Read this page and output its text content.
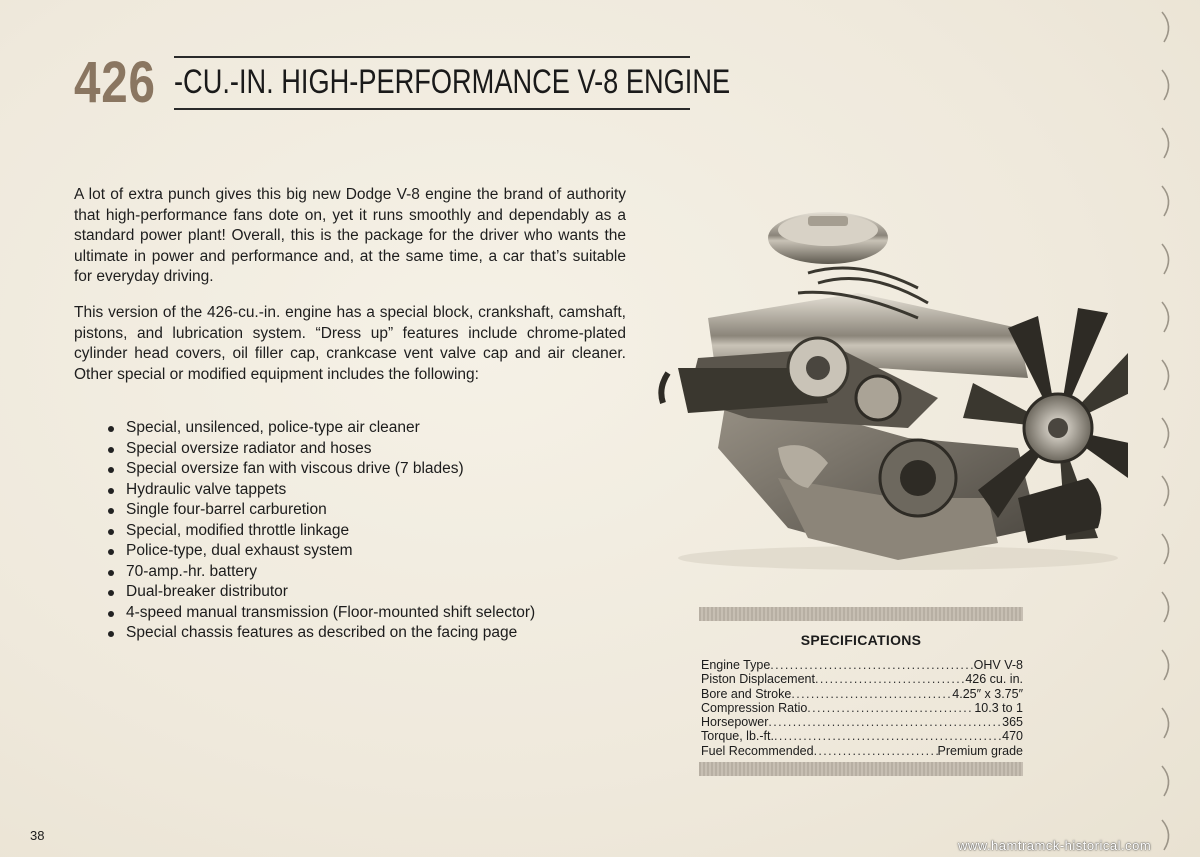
426 -CU.-IN. HIGH-PERFORMANCE V-8 ENGINE
A lot of extra punch gives this big new Dodge V-8 engine the brand of authority that high-performance fans dote on, yet it runs smoothly and dependably as a standard power plant! Overall, this is the package for the driver who wants the ultimate in power and performance and, at the same time, a car that’s suitable for everyday driving.
This version of the 426-cu.-in. engine has a special block, crankshaft, camshaft, pistons, and lubrication system. “Dress up” features include chrome-plated cylinder head covers, oil filler cap, crankcase vent valve cap and air cleaner. Other special or modified equipment includes the following:
Special, unsilenced, police-type air cleaner
Special oversize radiator and hoses
Special oversize fan with viscous drive (7 blades)
Hydraulic valve tappets
Single four-barrel carburetion
Special, modified throttle linkage
Police-type, dual exhaust system
70-amp.-hr. battery
Dual-breaker distributor
4-speed manual transmission (Floor-mounted shift selector)
Special chassis features as described on the facing page	SPECIFICATIONS
Engine Type .....	OHV V-8
Piston Displacement .....	426 cu. in.
Bore and Stroke .....	4.25″ x 3.75″
Compression Ratio .....	10.3 to 1
Horsepower .....	365
Torque, lb.-ft. .....	470
Fuel Recommended .....	Premium grade
38
www.hamtramck-historical.com
